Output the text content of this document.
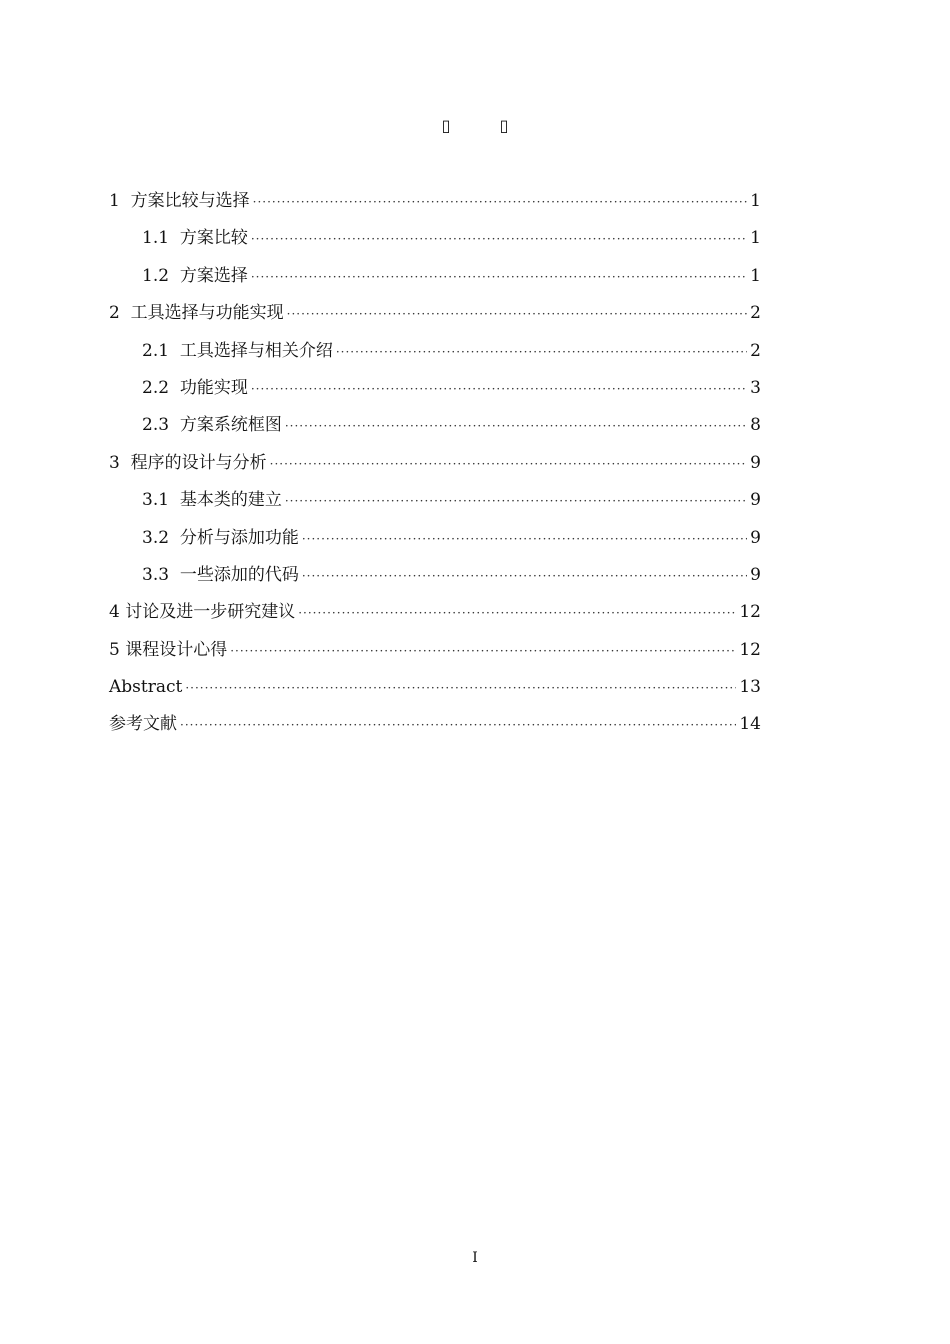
▯	▯
1 方案比较与选择 ·····	1
1.1 方案比较 ·····	1
1.2 方案选择 ·····	1
2 工具选择与功能实现 ·····	2
2.1 工具选择与相关介绍 ·····	2
2.2 功能实现 ·····	3
2.3 方案系统框图 ·····	8
3 程序的设计与分析 ·····	9
3.1 基本类的建立 ·····	9
3.2 分析与添加功能 ·····	9
3.3 一些添加的代码 ·····	9
4 讨论及进一步研究建议 ·····	12
5 课程设计心得 ·····	12
Abstract ·····	13
参考文献 ·····	14
I
